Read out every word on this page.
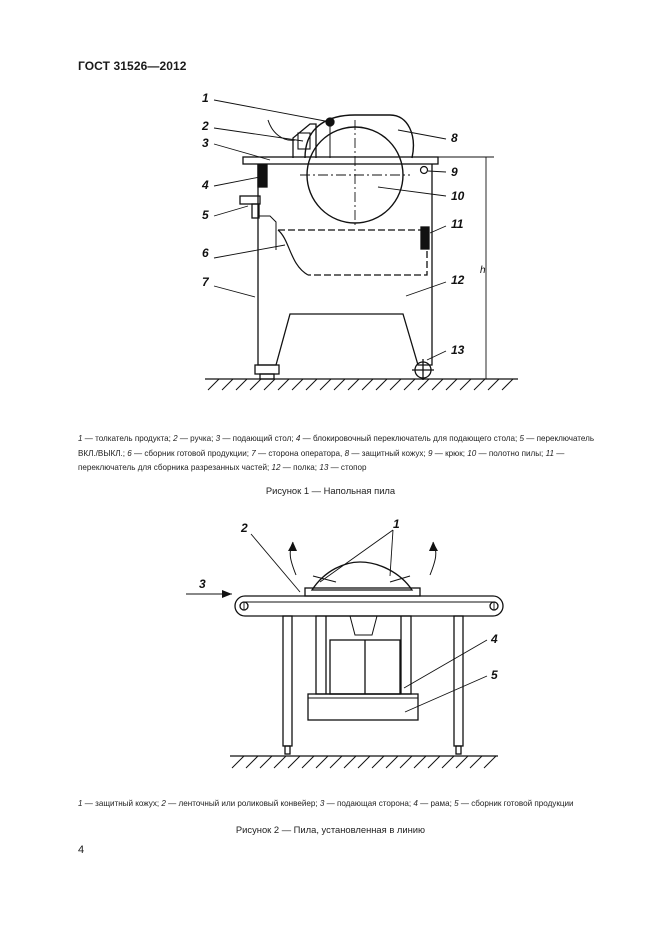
ГОСТ 31526—2012
1
2
3
4
5
6
7
8
9
10
11
12
13
h
1 — толкатель продукта; 2 — ручка; 3 — подающий стол; 4 — блокировочный переключатель для подающего стола; 5 — переключатель ВКЛ./ВЫКЛ.; 6 — сборник готовой продукции; 7 — сторона оператора, 8 — защитный кожух; 9 — крюк; 10 — полотно пилы; 11 — переключатель для сборника разрезанных частей; 12 — полка; 13 — стопор
Рисунок 1 — Напольная пила
1
2
3
4
5
1 — защитный кожух; 2 — ленточный или роликовый конвейер; 3 — подающая сторона; 4 — рама; 5 — сборник готовой продукции
Рисунок 2 — Пила, установленная в линию
4
